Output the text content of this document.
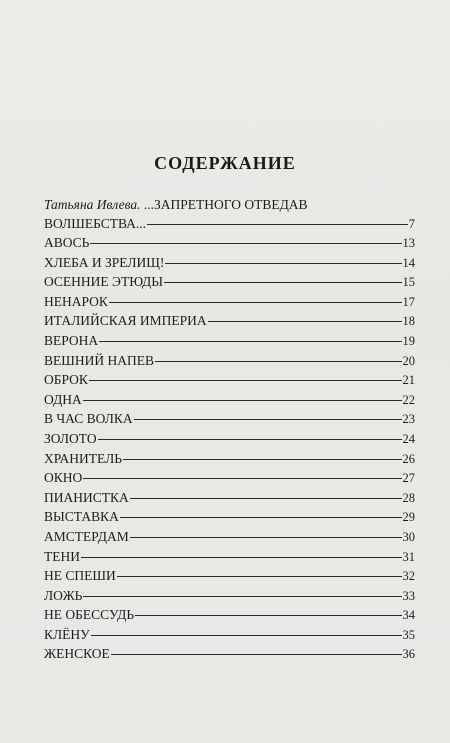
СОДЕРЖАНИЕ
Татьяна Ивлева. ...ЗАПРЕТНОГО ОТВЕДАВ
ВОЛШЕБСТВА...	7
АВОСЬ	13
ХЛЕБА И ЗРЕЛИЩ!	14
ОСЕННИЕ ЭТЮДЫ	15
НЕНАРОК	17
ИТАЛИЙСКАЯ ИМПЕРИА	18
ВЕРОНА	19
ВЕШНИЙ НАПЕВ	20
ОБРОК	21
ОДНА	22
В ЧАС ВОЛКА	23
ЗОЛОТО	24
ХРАНИТЕЛЬ	26
ОКНО	27
ПИАНИСТКА	28
ВЫСТАВКА	29
АМСТЕРДАМ	30
ТЕНИ	31
НЕ СПЕШИ	32
ЛОЖЬ	33
НЕ ОБЕССУДЬ	34
КЛЁНУ	35
ЖЕНСКОЕ	36
